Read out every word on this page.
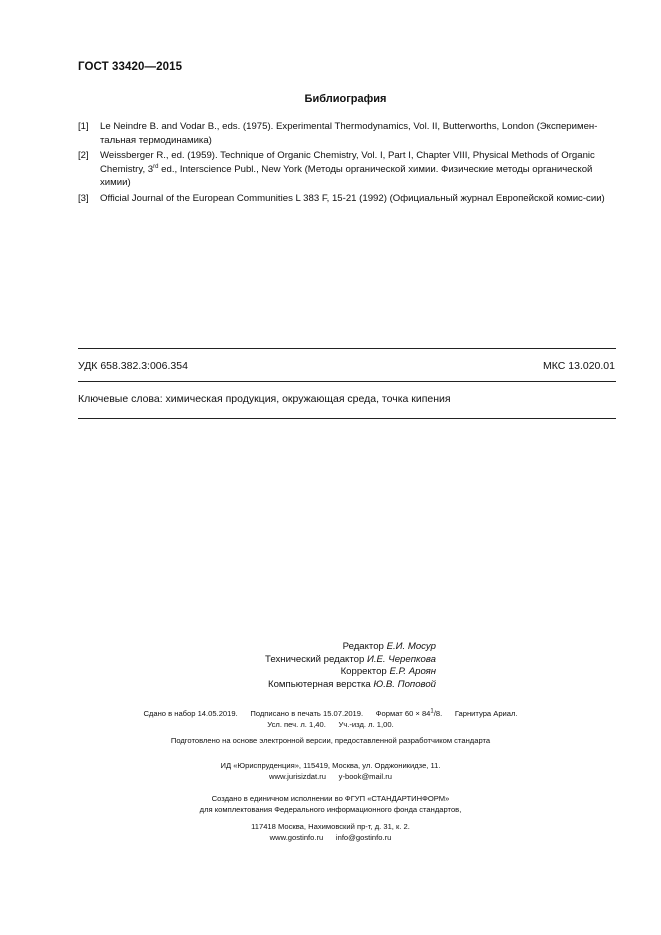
ГОСТ 33420—2015
Библиография
[1]	Le Neindre B. and Vodar B., eds. (1975). Experimental Thermodynamics, Vol. II, Butterworths, London (Эксперимен-тальная термодинамика)
[2]	Weissberger R., ed. (1959). Technique of Organic Chemistry, Vol. I, Part I, Chapter VIII, Physical Methods of Organic Chemistry, 3rd ed., Interscience Publ., New York (Методы органической химии. Физические методы органической химии)
[3]	Official Journal of the European Communities L 383 F, 15-21 (1992) (Официальный журнал Европейской комис-сии)
УДК 658.382.3:006.354	МКС 13.020.01
Ключевые слова: химическая продукция, окружающая среда, точка кипения
Редактор Е.И. Мосур
Технический редактор И.Е. Черепкова
Корректор Е.Р. Ароян
Компьютерная верстка Ю.В. Поповой
Сдано в набор 14.05.2019.      Подписано в печать 15.07.2019.      Формат $60 \times 84^1/8$.      Гарнитура Ариал.
Усл. печ. л. 1,40.      Уч.-изд. л. 1,00.
Подготовлено на основе электронной версии, предоставленной разработчиком стандарта
ИД «Юриспруденция», 115419, Москва, ул. Орджоникидзе, 11.
www.jurisizdat.ru      y-book@mail.ru
Создано в единичном исполнении во ФГУП «СТАНДАРТИНФОРМ»
для комплектования Федерального информационного фонда стандартов,
117418 Москва, Нахимовский пр-т, д. 31, к. 2.
www.gostinfo.ru      info@gostinfo.ru
